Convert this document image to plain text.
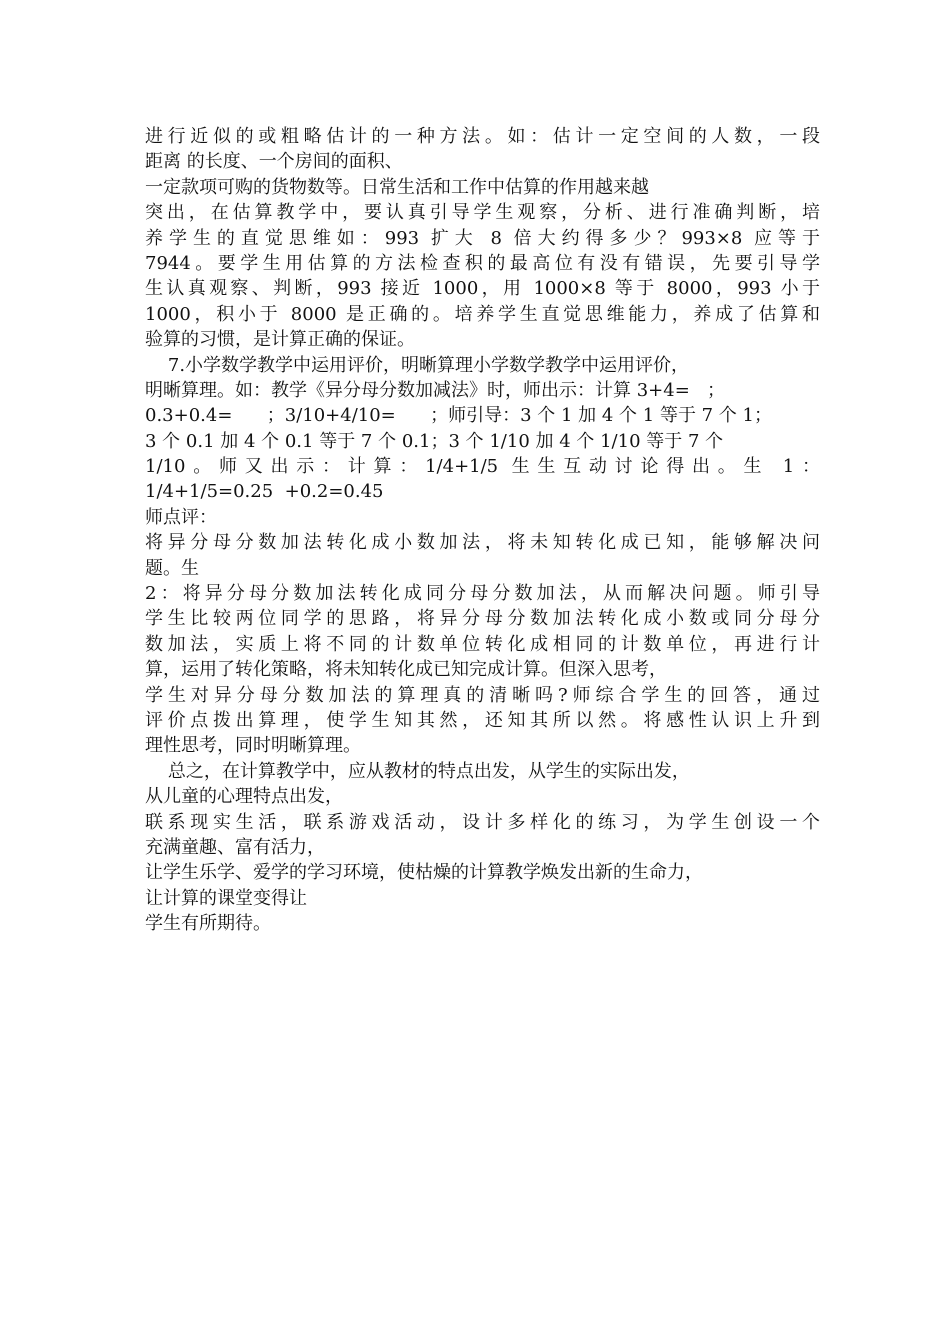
进行近似的或粗略估计的一种方法。如：估计一定空间的人数，一段
距离 的长度、一个房间的面积、
一定款项可购的货物数等。日常生活和工作中估算的作用越来越
突出，在估算教学中，要认真引导学生观察，分析、进行准确判断，培
养学生的直觉思维如：993 扩大 8 倍大约得多少？993×8 应等于
7944。要学生用估算的方法检查积的最高位有没有错误，先要引导学
生认真观察、判断，993 接近 1000，用 1000×8 等于 8000，993 小于
1000，积小于 8000 是正确的。培养学生直觉思维能力，养成了估算和
验算的习惯，是计算正确的保证。
7.小学数学教学中运用评价，明晰算理小学数学教学中运用评价，
明晰算理。如：教学《异分母分数加减法》时，师出示：计算 3+4=   ；
0.3+0.4=      ；3/10+4/10=      ；师引导：3 个 1 加 4 个 1 等于 7 个 1；
3 个 0.1 加 4 个 0.1 等于 7 个 0.1；3 个 1/10 加 4 个 1/10 等于 7 个
1/10。师又出示：计算：1/4+1/5 生生互动讨论得出。生 1：
1/4+1/5=0.25  +0.2=0.45
师点评：
将异分母分数加法转化成小数加法，将未知转化成已知，能够解决问
题。生
2：将异分母分数加法转化成同分母分数加法，从而解决问题。师引导
学生比较两位同学的思路，将异分母分数加法转化成小数或同分母分
数加法，实质上将不同的计数单位转化成相同的计数单位，再进行计
算，运用了转化策略，将未知转化成已知完成计算。但深入思考，
学生对异分母分数加法的算理真的清晰吗?师综合学生的回答，通过
评价点拨出算理，使学生知其然，还知其所以然。将感性认识上升到
理性思考，同时明晰算理。
总之，在计算教学中，应从教材的特点出发，从学生的实际出发，
从儿童的心理特点出发，
联系现实生活，联系游戏活动，设计多样化的练习，为学生创设一个
充满童趣、富有活力，
让学生乐学、爱学的学习环境，使枯燥的计算教学焕发出新的生命力，
让计算的课堂变得让
学生有所期待。
